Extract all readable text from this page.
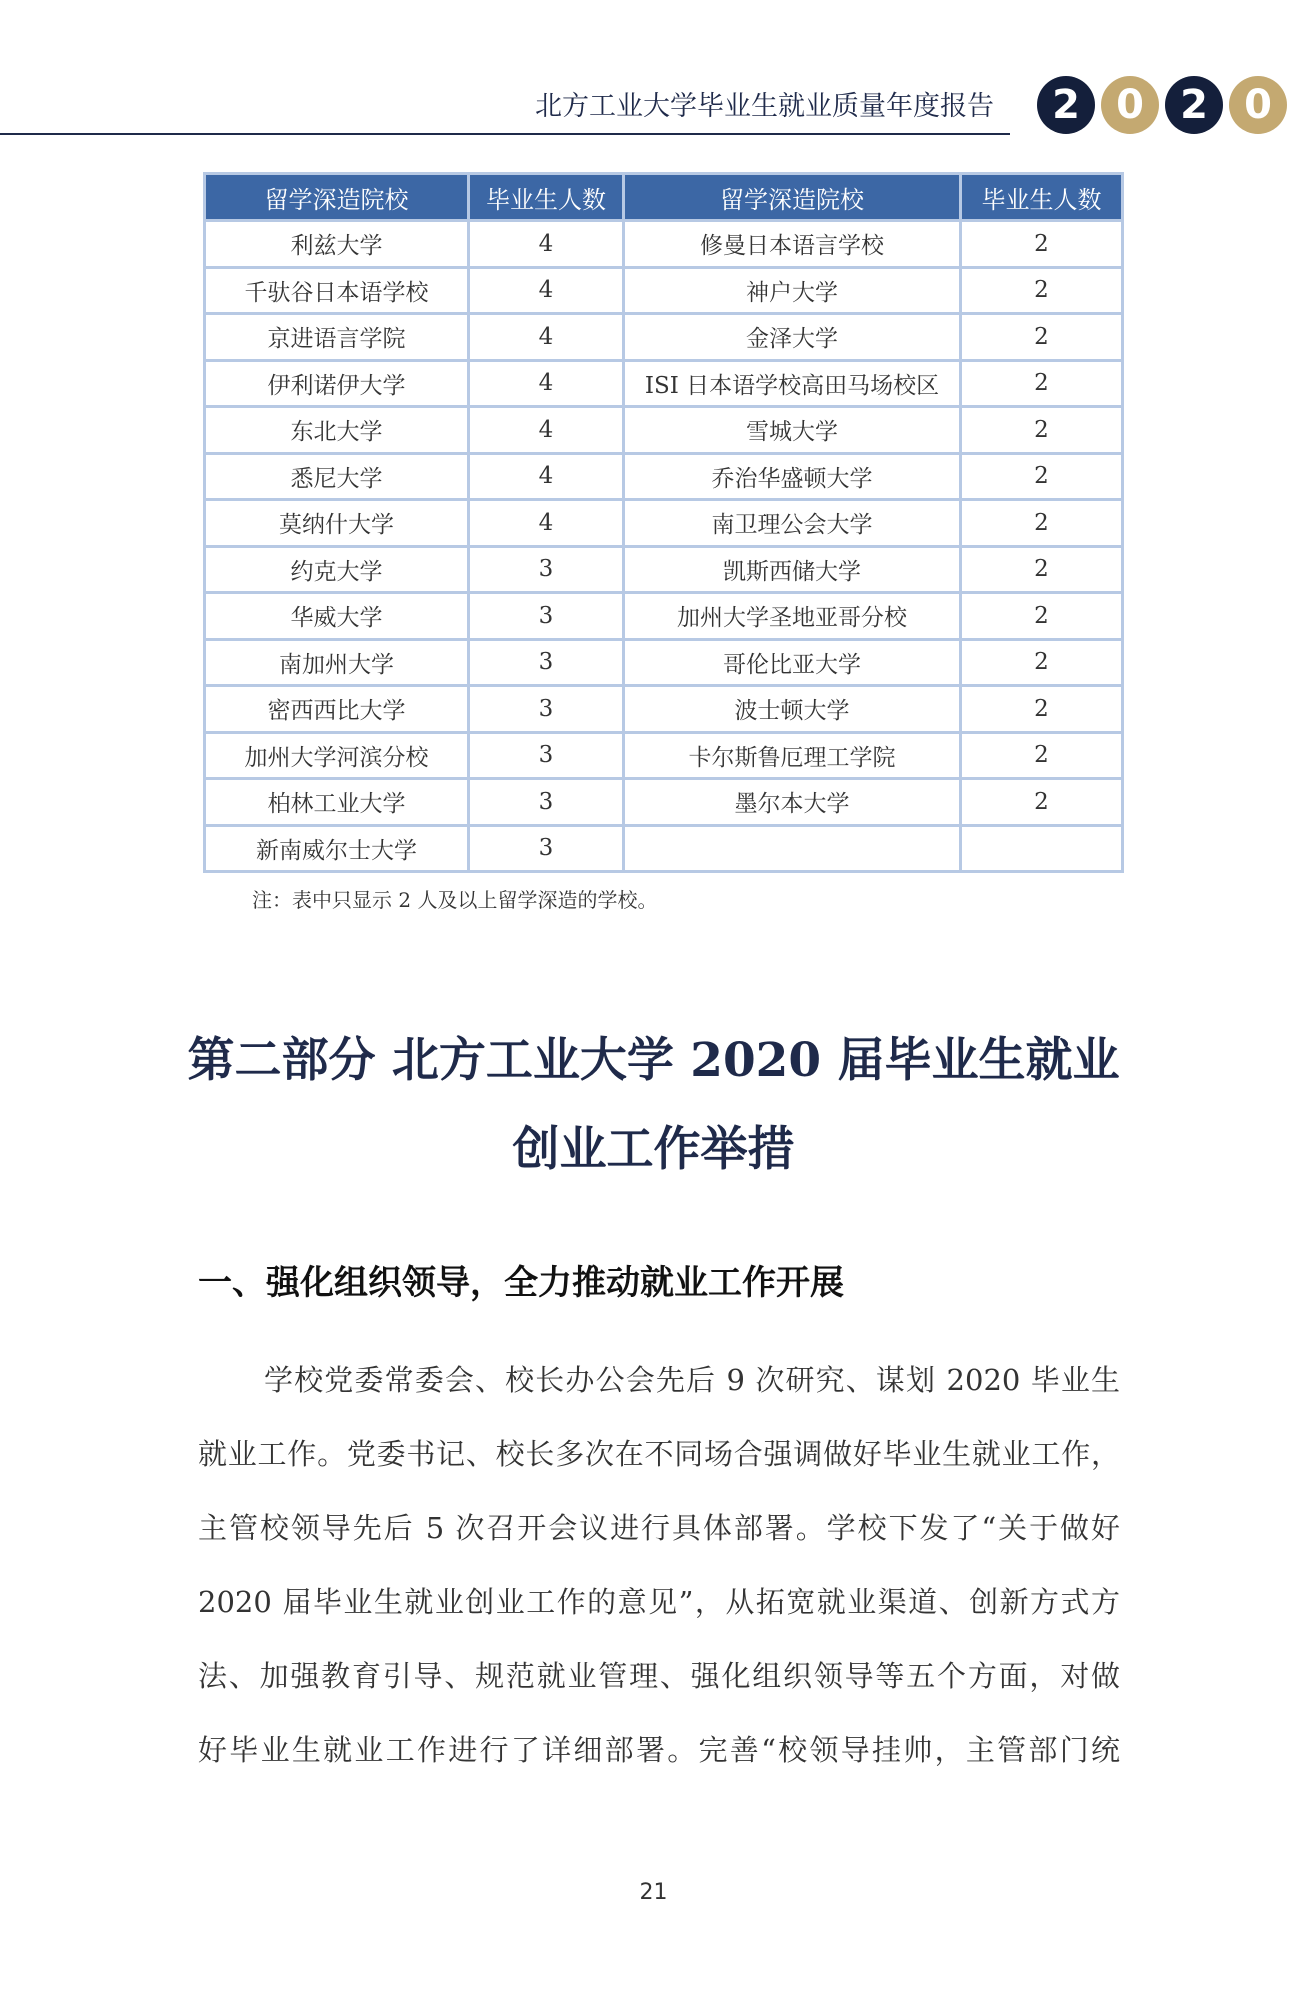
北方工业大学毕业生就业质量年度报告	2 0 2 0
留学深造院校	毕业生人数	留学深造院校	毕业生人数
利兹大学	4	修曼日本语言学校	2
千驮谷日本语学校	4	神户大学	2
京进语言学院	4	金泽大学	2
伊利诺伊大学	4	ISI 日本语学校高田马场校区	2
东北大学	4	雪城大学	2
悉尼大学	4	乔治华盛顿大学	2
莫纳什大学	4	南卫理公会大学	2
约克大学	3	凯斯西储大学	2
华威大学	3	加州大学圣地亚哥分校	2
南加州大学	3	哥伦比亚大学	2
密西西比大学	3	波士顿大学	2
加州大学河滨分校	3	卡尔斯鲁厄理工学院	2
柏林工业大学	3	墨尔本大学	2
新南威尔士大学	3		
注：表中只显示 2 人及以上留学深造的学校。
第二部分 北方工业大学 2020 届毕业生就业
创业工作举措
一、强化组织领导，全力推动就业工作开展
学校党委常委会、校长办公会先后 9 次研究、谋划 2020 毕业生
就业工作。党委书记、校长多次在不同场合强调做好毕业生就业工作，
主管校领导先后 5 次召开会议进行具体部署。学校下发了“关于做好
2020 届毕业生就业创业工作的意见”，从拓宽就业渠道、创新方式方
法、加强教育引导、规范就业管理、强化组织领导等五个方面，对做
好毕业生就业工作进行了详细部署。完善“校领导挂帅，主管部门统
21
